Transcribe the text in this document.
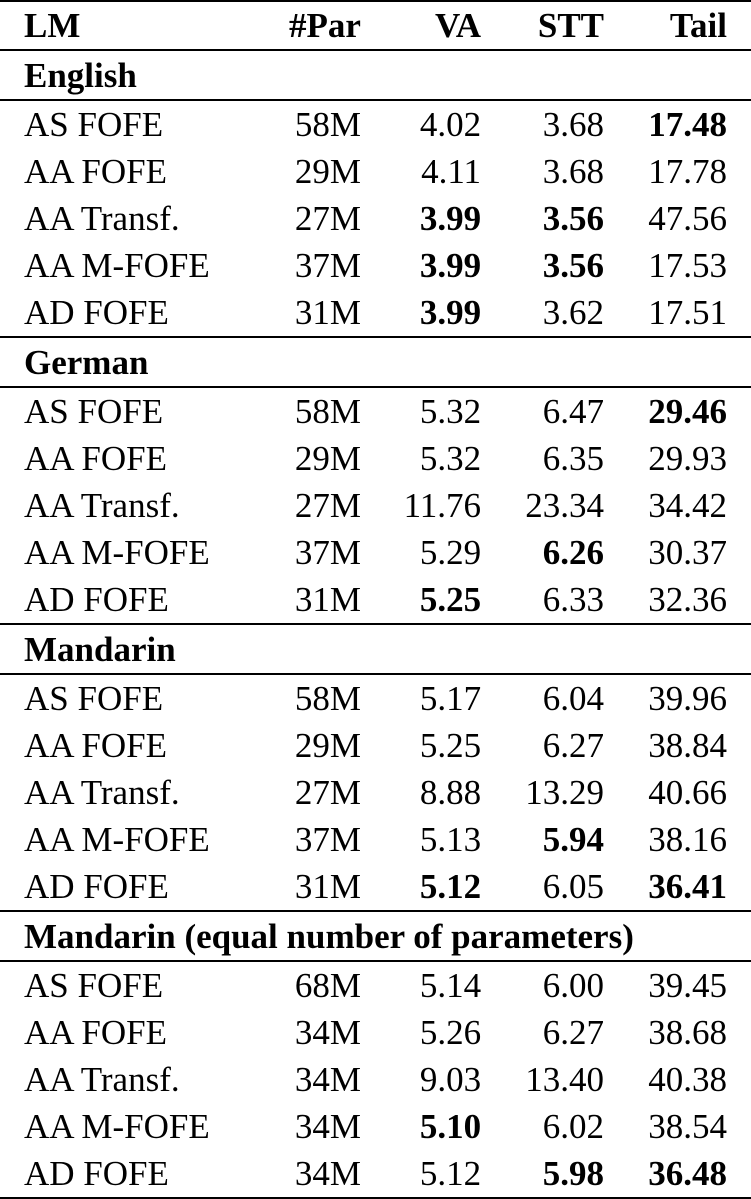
LM	#Par	VA	STT	Tail
English				
AS FOFE	58M	4.02	3.68	17.48
AA FOFE	29M	4.11	3.68	17.78
AA Transf.	27M	3.99	3.56	47.56
AA M-FOFE	37M	3.99	3.56	17.53
AD FOFE	31M	3.99	3.62	17.51
German				
AS FOFE	58M	5.32	6.47	29.46
AA FOFE	29M	5.32	6.35	29.93
AA Transf.	27M	11.76	23.34	34.42
AA M-FOFE	37M	5.29	6.26	30.37
AD FOFE	31M	5.25	6.33	32.36
Mandarin				
AS FOFE	58M	5.17	6.04	39.96
AA FOFE	29M	5.25	6.27	38.84
AA Transf.	27M	8.88	13.29	40.66
AA M-FOFE	37M	5.13	5.94	38.16
AD FOFE	31M	5.12	6.05	36.41
Mandarin (equal number of parameters)				
AS FOFE	68M	5.14	6.00	39.45
AA FOFE	34M	5.26	6.27	38.68
AA Transf.	34M	9.03	13.40	40.38
AA M-FOFE	34M	5.10	6.02	38.54
AD FOFE	34M	5.12	5.98	36.48
